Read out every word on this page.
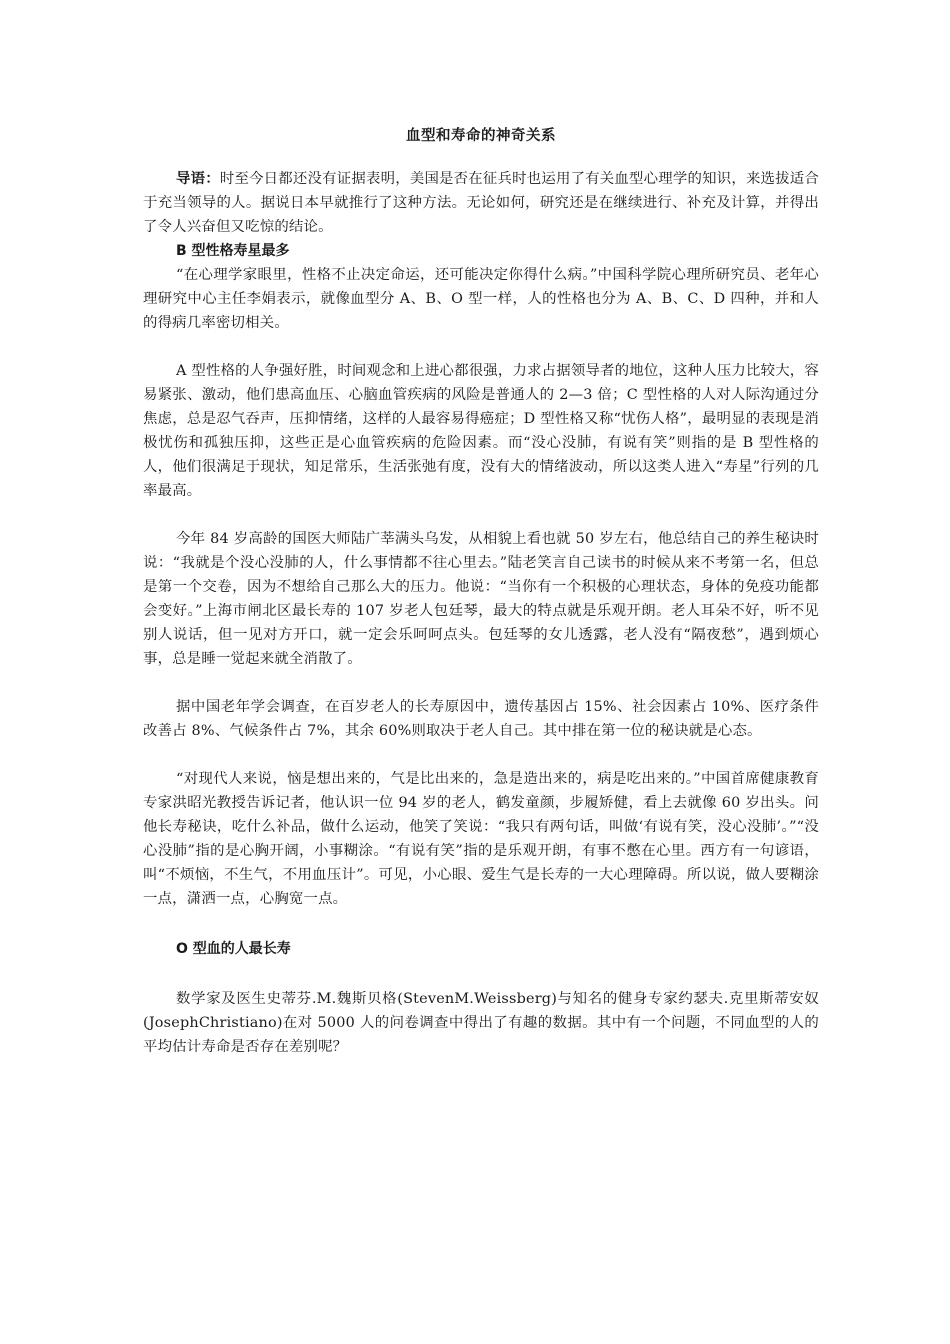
血型和寿命的神奇关系

导语：时至今日都还没有证据表明，美国是否在征兵时也运用了有关血型心理学的知识，来选拔适合于充当领导的人。据说日本早就推行了这种方法。无论如何，研究还是在继续进行、补充及计算，并得出了令人兴奋但又吃惊的结论。

B 型性格寿星最多

“在心理学家眼里，性格不止决定命运，还可能决定你得什么病。”中国科学院心理所研究员、老年心理研究中心主任李娟表示，就像血型分 A、B、O 型一样，人的性格也分为 A、B、C、D 四种，并和人的得病几率密切相关。

A 型性格的人争强好胜，时间观念和上进心都很强，力求占据领导者的地位，这种人压力比较大，容易紧张、激动，他们患高血压、心脑血管疾病的风险是普通人的 2—3 倍；C 型性格的人对人际沟通过分焦虑，总是忍气吞声，压抑情绪，这样的人最容易得癌症；D 型性格又称“忧伤人格”，最明显的表现是消极忧伤和孤独压抑，这些正是心血管疾病的危险因素。而“没心没肺，有说有笑”则指的是 B 型性格的人，他们很满足于现状，知足常乐，生活张弛有度，没有大的情绪波动，所以这类人进入“寿星”行列的几率最高。

今年 84 岁高龄的国医大师陆广莘满头乌发，从相貌上看也就 50 岁左右，他总结自己的养生秘诀时说：“我就是个没心没肺的人，什么事情都不往心里去。”陆老笑言自己读书的时候从来不考第一名，但总是第一个交卷，因为不想给自己那么大的压力。他说：“当你有一个积极的心理状态，身体的免疫功能都会变好。”上海市闸北区最长寿的 107 岁老人包廷琴，最大的特点就是乐观开朗。老人耳朵不好，听不见别人说话，但一见对方开口，就一定会乐呵呵点头。包廷琴的女儿透露，老人没有“隔夜愁”，遇到烦心事，总是睡一觉起来就全消散了。

据中国老年学会调查，在百岁老人的长寿原因中，遗传基因占 15%、社会因素占 10%、医疗条件改善占 8%、气候条件占 7%，其余 60%则取决于老人自己。其中排在第一位的秘诀就是心态。

“对现代人来说，恼是想出来的，气是比出来的，急是造出来的，病是吃出来的。”中国首席健康教育专家洪昭光教授告诉记者，他认识一位 94 岁的老人，鹤发童颜，步履矫健，看上去就像 60 岁出头。问他长寿秘诀，吃什么补品，做什么运动，他笑了笑说：“我只有两句话，叫做‘有说有笑，没心没肺’。”“没心没肺”指的是心胸开阔，小事糊涂。“有说有笑”指的是乐观开朗，有事不憋在心里。西方有一句谚语，叫“不烦恼，不生气，不用血压计”。可见，小心眼、爱生气是长寿的一大心理障碍。所以说，做人要糊涂一点，潇洒一点，心胸宽一点。

O 型血的人最长寿

数学家及医生史蒂芬.M.魏斯贝格(StevenM.Weissberg)与知名的健身专家约瑟夫.克里斯蒂安奴(JosephChristiano)在对 5000 人的问卷调查中得出了有趣的数据。其中有一个问题，不同血型的人的平均估计寿命是否存在差别呢？
